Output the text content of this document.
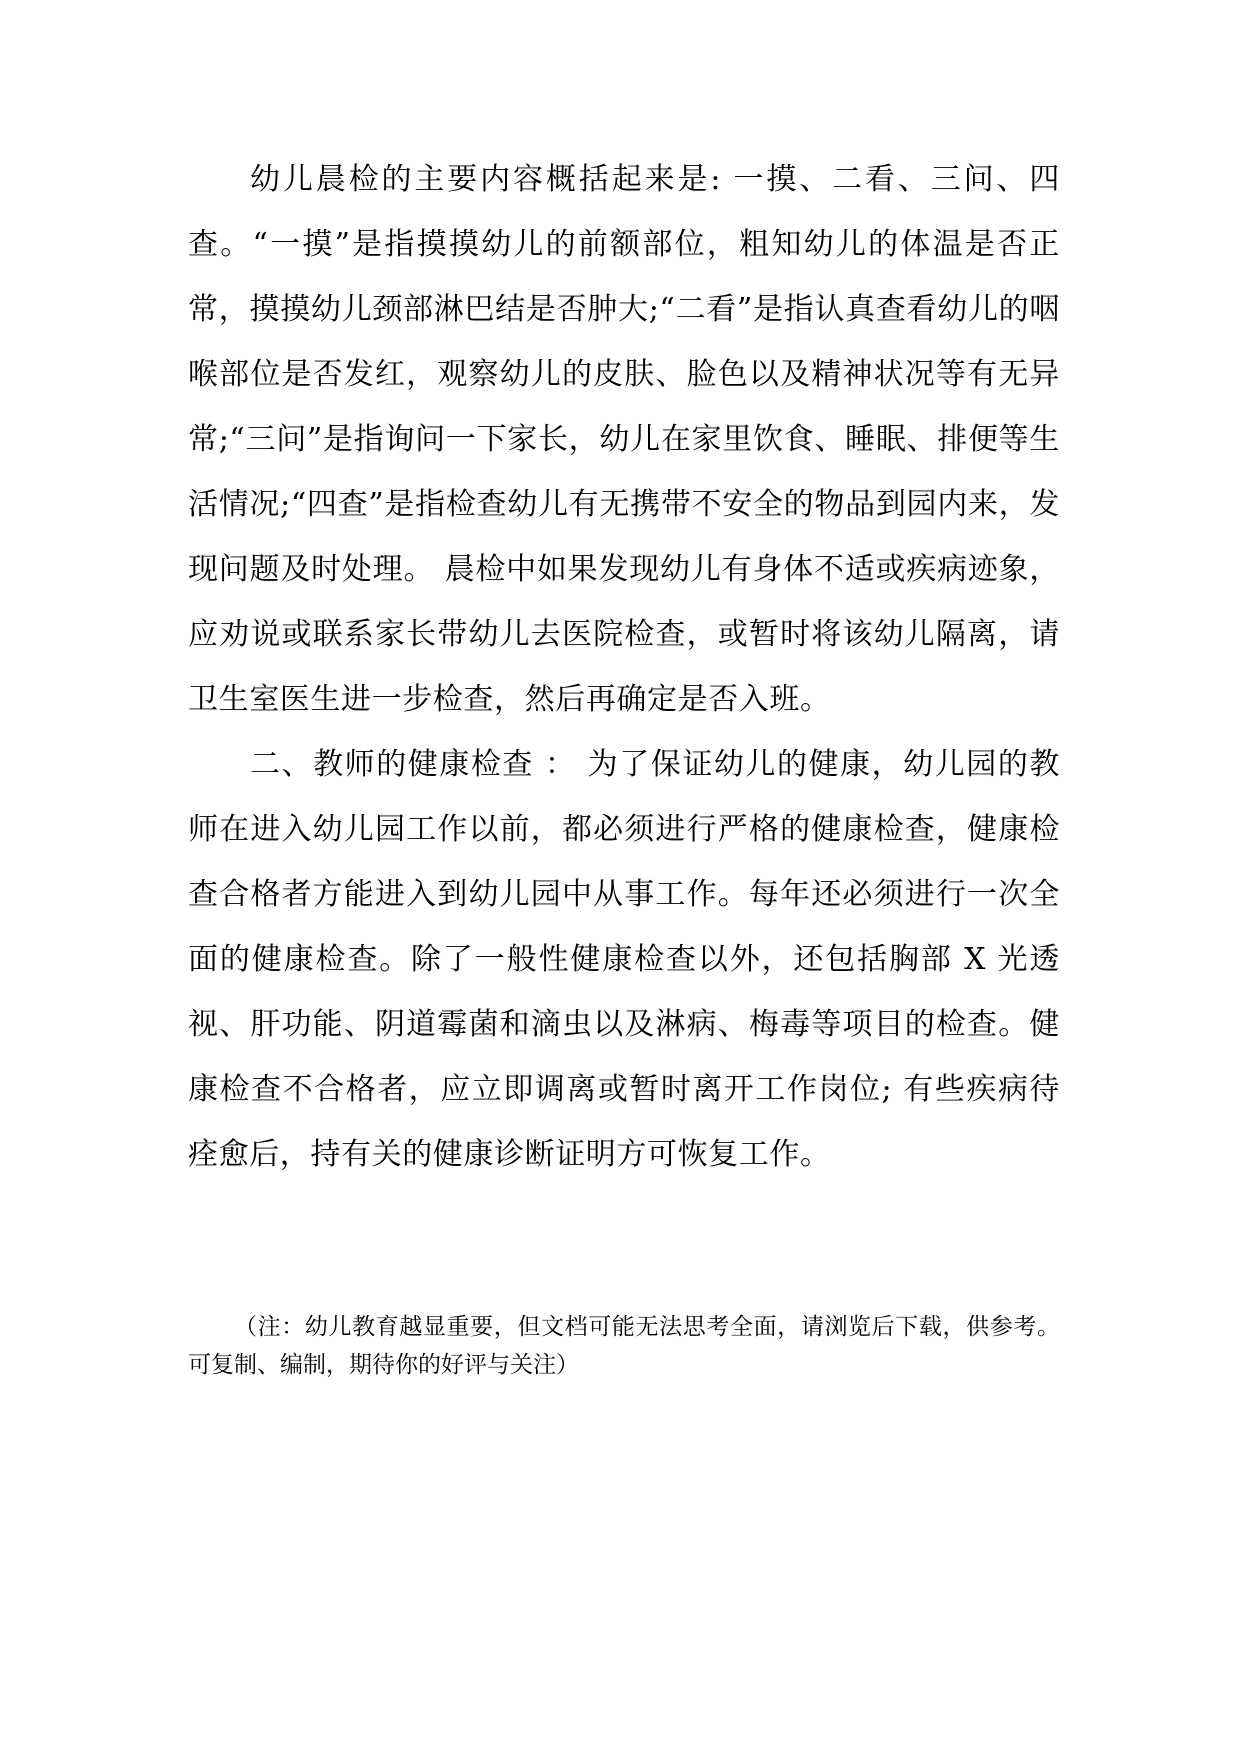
幼儿晨检的主要内容概括起来是: 一摸、二看、三问、四查。“一摸”是指摸摸幼儿的前额部位，粗知幼儿的体温是否正常，摸摸幼儿颈部淋巴结是否肿大;“二看”是指认真查看幼儿的咽喉部位是否发红，观察幼儿的皮肤、脸色以及精神状况等有无异常;“三问”是指询问一下家长，幼儿在家里饮食、睡眠、排便等生活情况;“四查”是指检查幼儿有无携带不安全的物品到园内来，发现问题及时处理。 晨检中如果发现幼儿有身体不适或疾病迹象，应劝说或联系家长带幼儿去医院检查，或暂时将该幼儿隔离，请卫生室医生进一步检查，然后再确定是否入班。

二、教师的健康检查 ： 为了保证幼儿的健康，幼儿园的教师在进入幼儿园工作以前，都必须进行严格的健康检查，健康检查合格者方能进入到幼儿园中从事工作。每年还必须进行一次全面的健康检查。除了一般性健康检查以外，还包括胸部 X 光透视、肝功能、阴道霉菌和滴虫以及淋病、梅毒等项目的检查。健康检查不合格者，应立即调离或暂时离开工作岗位; 有些疾病待痊愈后，持有关的健康诊断证明方可恢复工作。

（注：幼儿教育越显重要，但文档可能无法思考全面，请浏览后下载，供参考。可复制、编制，期待你的好评与关注）
